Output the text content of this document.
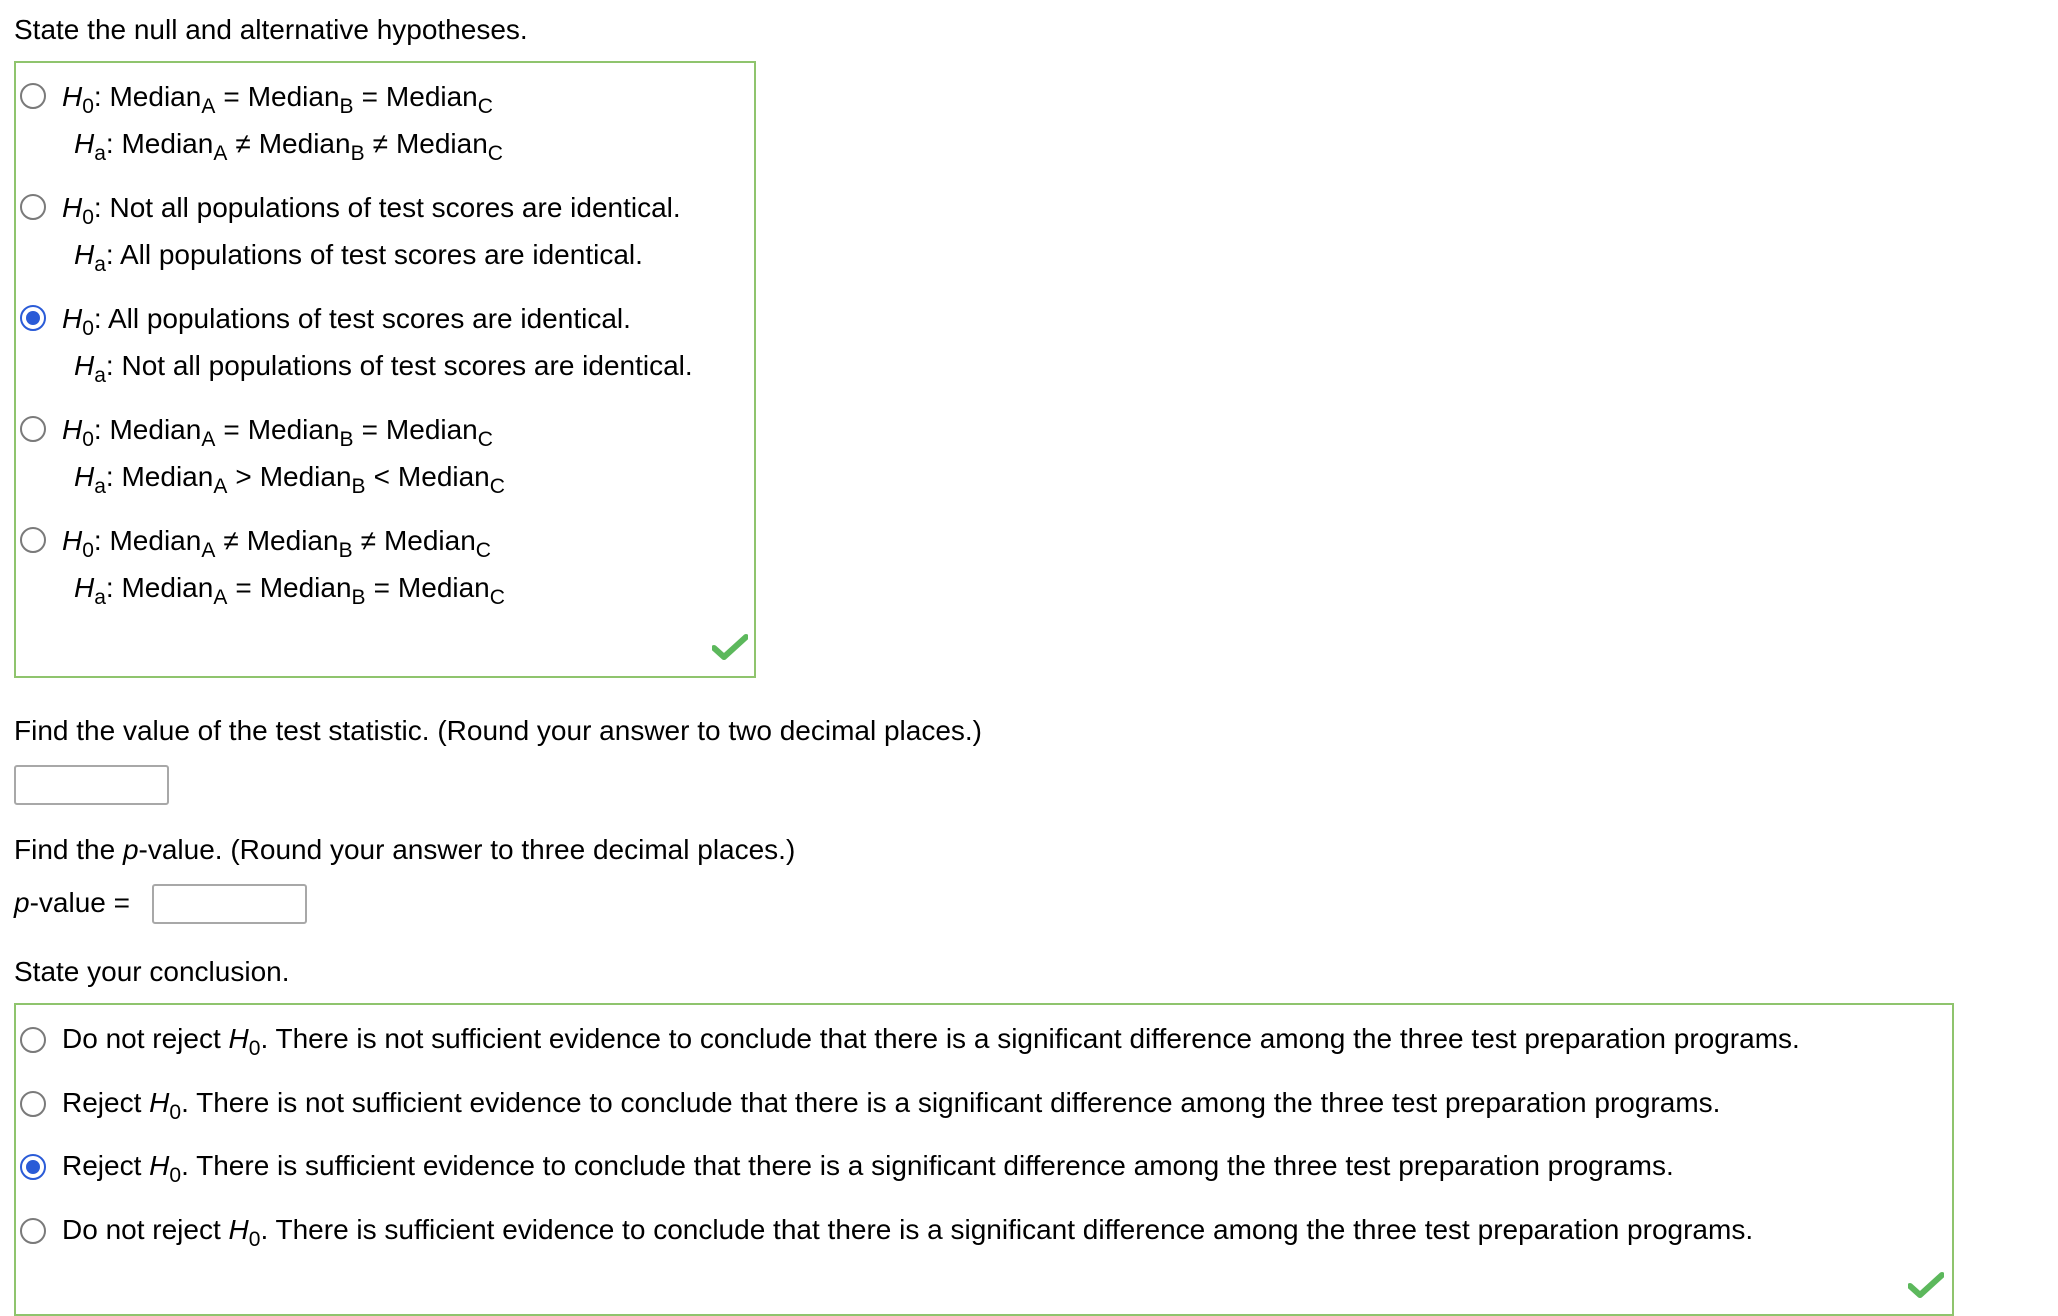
State the null and alternative hypotheses.
$H_0$: Median$_A$ = Median$_B$ = Median$_C$
$H_a$: Median$_A$ ≠ Median$_B$ ≠ Median$_C$
$H_0$: Not all populations of test scores are identical.
$H_a$: All populations of test scores are identical.
$H_0$: All populations of test scores are identical.
$H_a$: Not all populations of test scores are identical.
$H_0$: Median$_A$ = Median$_B$ = Median$_C$
$H_a$: Median$_A$ > Median$_B$ < Median$_C$
$H_0$: Median$_A$ ≠ Median$_B$ ≠ Median$_C$
$H_a$: Median$_A$ = Median$_B$ = Median$_C$
Find the value of the test statistic. (Round your answer to two decimal places.)
Find the p-value. (Round your answer to three decimal places.)
p-value =
State your conclusion.
Do not reject $H_0$. There is not sufficient evidence to conclude that there is a significant difference among the three test preparation programs.
Reject $H_0$. There is not sufficient evidence to conclude that there is a significant difference among the three test preparation programs.
Reject $H_0$. There is sufficient evidence to conclude that there is a significant difference among the three test preparation programs.
Do not reject $H_0$. There is sufficient evidence to conclude that there is a significant difference among the three test preparation programs.
